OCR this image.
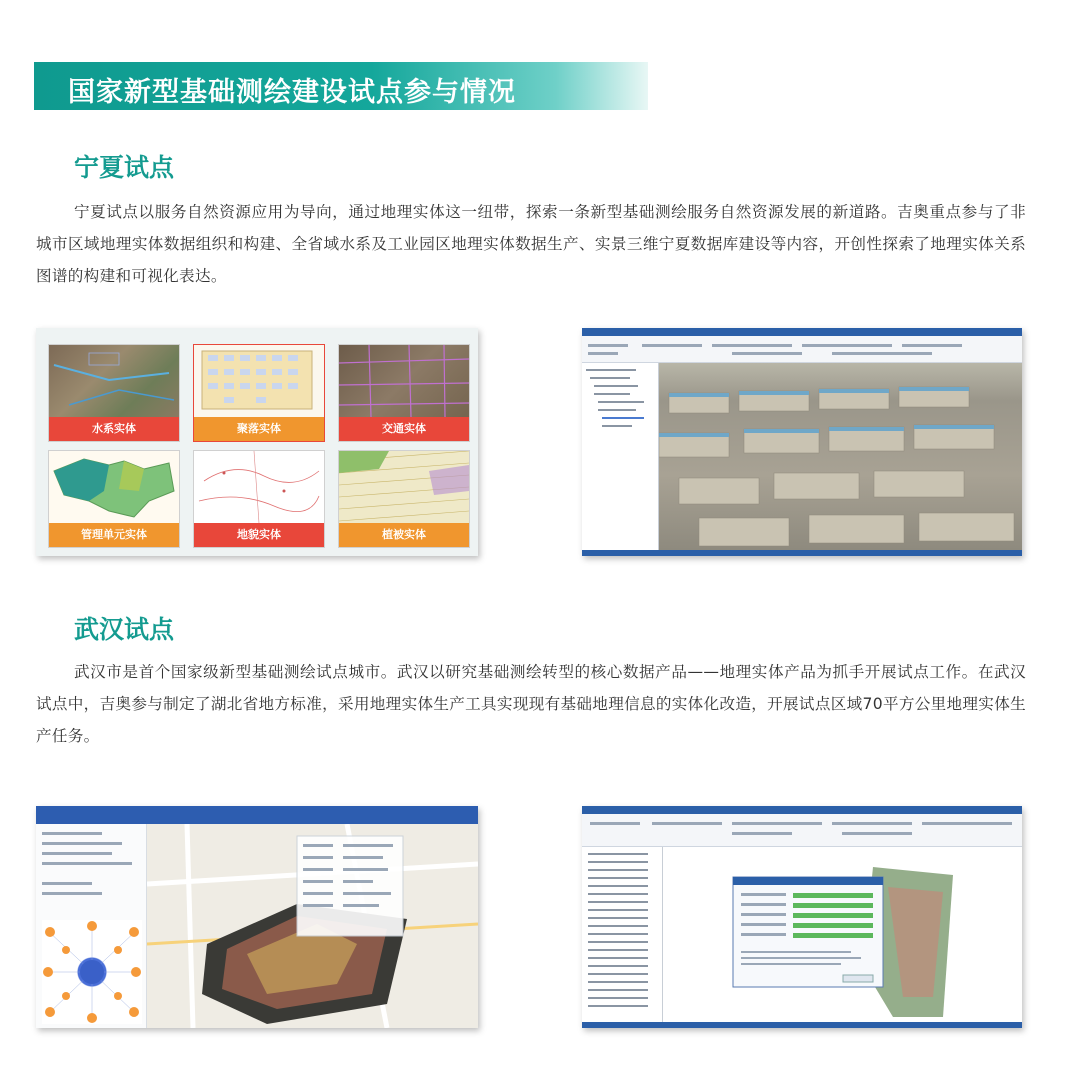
国家新型基础测绘建设试点参与情况
宁夏试点
宁夏试点以服务自然资源应用为导向，通过地理实体这一纽带，探索一条新型基础测绘服务自然资源发展的新道路。吉奥重点参与了非城市区域地理实体数据组织和构建、全省域水系及工业园区地理实体数据生产、实景三维宁夏数据库建设等内容，开创性探索了地理实体关系图谱的构建和可视化表达。
水系实体	聚落实体	交通实体
管理单元实体	地貌实体	植被实体
武汉试点
武汉市是首个国家级新型基础测绘试点城市。武汉以研究基础测绘转型的核心数据产品——地理实体产品为抓手开展试点工作。在武汉试点中，吉奥参与制定了湖北省地方标准，采用地理实体生产工具实现现有基础地理信息的实体化改造，开展试点区域70平方公里地理实体生产任务。
